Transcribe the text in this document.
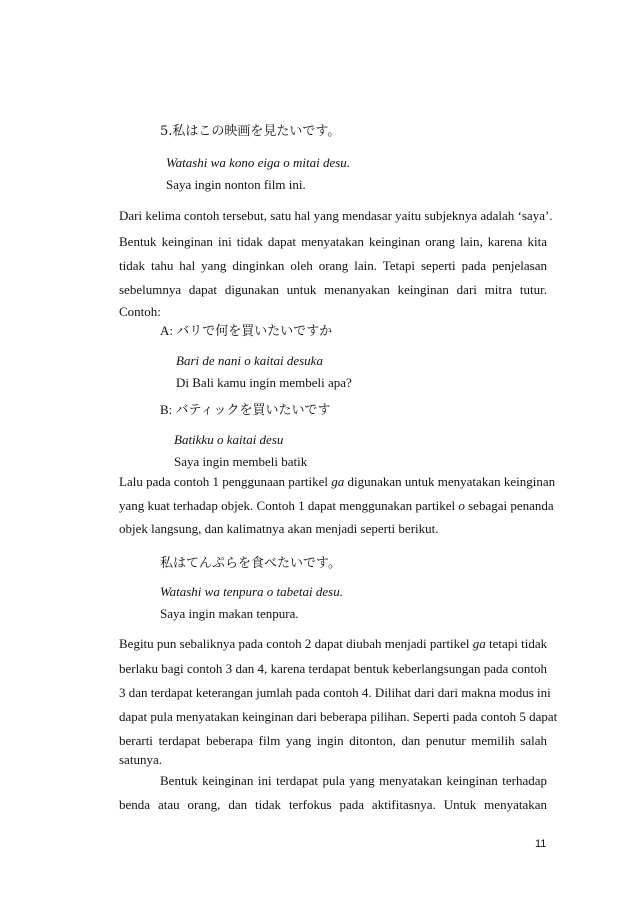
5.私はこの映画を見たいです。
Watashi wa kono eiga o mitai desu.
Saya ingin nonton film ini.
Dari kelima contoh tersebut, satu hal yang mendasar yaitu subjeknya adalah ‘saya’.
Bentuk keinginan ini tidak dapat menyatakan keinginan orang lain, karena kita
tidak tahu hal yang dinginkan oleh orang lain. Tetapi seperti pada penjelasan
sebelumnya dapat digunakan untuk menanyakan keinginan dari mitra tutur.
Contoh:
A: バリで何を買いたいですか
Bari de nani o kaitai desuka
Di Bali kamu ingin membeli apa?
B: バティックを買いたいです
Batikku o kaitai desu
Saya ingin membeli batik
Lalu pada contoh 1 penggunaan partikel ga digunakan untuk menyatakan keinginan
yang kuat terhadap objek. Contoh 1 dapat menggunakan partikel o sebagai penanda
objek langsung, dan kalimatnya akan menjadi seperti berikut.
私はてんぷらを食べたいです。
Watashi wa tenpura o tabetai desu.
Saya ingin makan tenpura.
Begitu pun sebaliknya pada contoh 2 dapat diubah menjadi partikel ga tetapi tidak
berlaku bagi contoh 3 dan 4, karena terdapat bentuk keberlangsungan pada contoh
3 dan terdapat keterangan jumlah pada contoh 4. Dilihat dari dari makna modus ini
dapat pula menyatakan keinginan dari beberapa pilihan. Seperti pada contoh 5 dapat
berarti terdapat beberapa film yang ingin ditonton, dan penutur memilih salah
satunya.
Bentuk keinginan ini terdapat pula yang menyatakan keinginan terhadap
benda atau orang, dan tidak terfokus pada aktifitasnya. Untuk menyatakan
11
